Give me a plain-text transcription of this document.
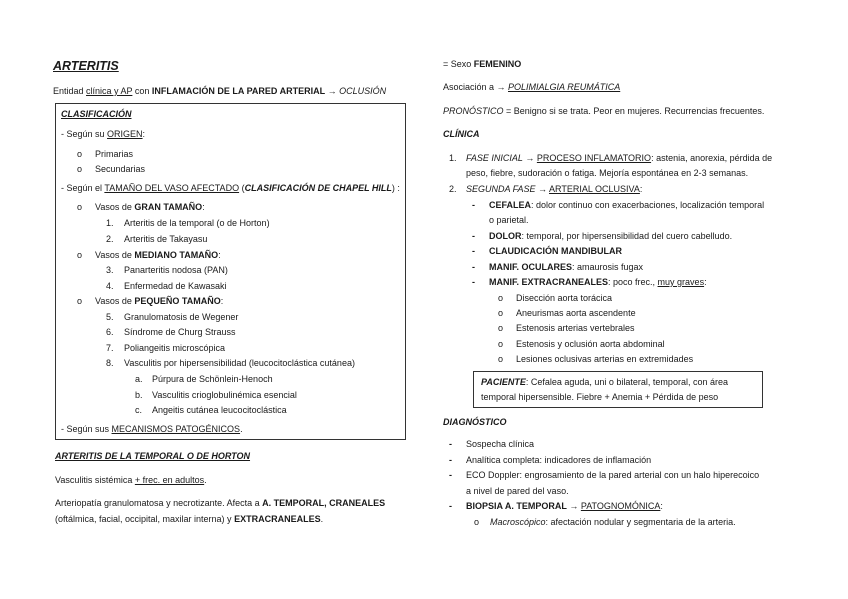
ARTERITIS
Entidad clínica y AP con INFLAMACIÓN DE LA PARED ARTERIAL → OCLUSIÓN
CLASIFICACIÓN
- Según su ORIGEN:
o Primarias
o Secundarias
- Según el TAMAÑO DEL VASO AFECTADO (CLASIFICACIÓN DE CHAPEL HILL) :
o Vasos de GRAN TAMAÑO:
1. Arteritis de la temporal (o de Horton)
2. Arteritis de Takayasu
o Vasos de MEDIANO TAMAÑO:
3. Panarteritis nodosa (PAN)
4. Enfermedad de Kawasaki
o Vasos de PEQUEÑO TAMAÑO:
5. Granulomatosis de Wegener
6. Síndrome de Churg Strauss
7. Poliangeitis microscópica
8. Vasculitis por hipersensibilidad (leucocitoclástica cutánea)
a. Púrpura de Schönlein-Henoch
b. Vasculitis crioglobulinémica esencial
c. Angeitis cutánea leucocitoclástica
- Según sus MECANISMOS PATOGÉNICOS.
ARTERITIS DE LA TEMPORAL O DE HORTON
Vasculitis sistémica + frec. en adultos.
Arteriopatía granulomatosa y necrotizante. Afecta a A. TEMPORAL, CRANEALES
(oftálmica, facial, occipital, maxilar interna) y EXTRACRANEALES.
= Sexo FEMENINO
Asociación a → POLIMIALGIA REUMÁTICA
PRONÓSTICO = Benigno si se trata. Peor en mujeres. Recurrencias frecuentes.
CLÍNICA
1. FASE INICIAL → PROCESO INFLAMATORIO: astenia, anorexia, pérdida de
peso, fiebre, sudoración o fatiga. Mejoría espontánea en 2-3 semanas.
2. SEGUNDA FASE → ARTERIAL OCLUSIVA:
- CEFALEA: dolor continuo con exacerbaciones, localización temporal
o parietal.
- DOLOR: temporal, por hipersensibilidad del cuero cabelludo.
- CLAUDICACIÓN MANDIBULAR
- MANIF. OCULARES: amaurosis fugax
- MANIF. EXTRACRANEALES: poco frec., muy graves:
o Disección aorta torácica
o Aneurismas aorta ascendente
o Estenosis arterias vertebrales
o Estenosis y oclusión aorta abdominal
o Lesiones oclusivas arterias en extremidades
PACIENTE: Cefalea aguda, uni o bilateral, temporal, con área
temporal hipersensible. Fiebre + Anemia + Pérdida de peso
DIAGNÓSTICO
- Sospecha clínica
- Analítica completa: indicadores de inflamación
- ECO Doppler: engrosamiento de la pared arterial con un halo hiperecoico
a nivel de pared del vaso.
- BIOPSIA A. TEMPORAL → PATOGNOMÓNICA:
o Macroscópico: afectación nodular y segmentaria de la arteria.
